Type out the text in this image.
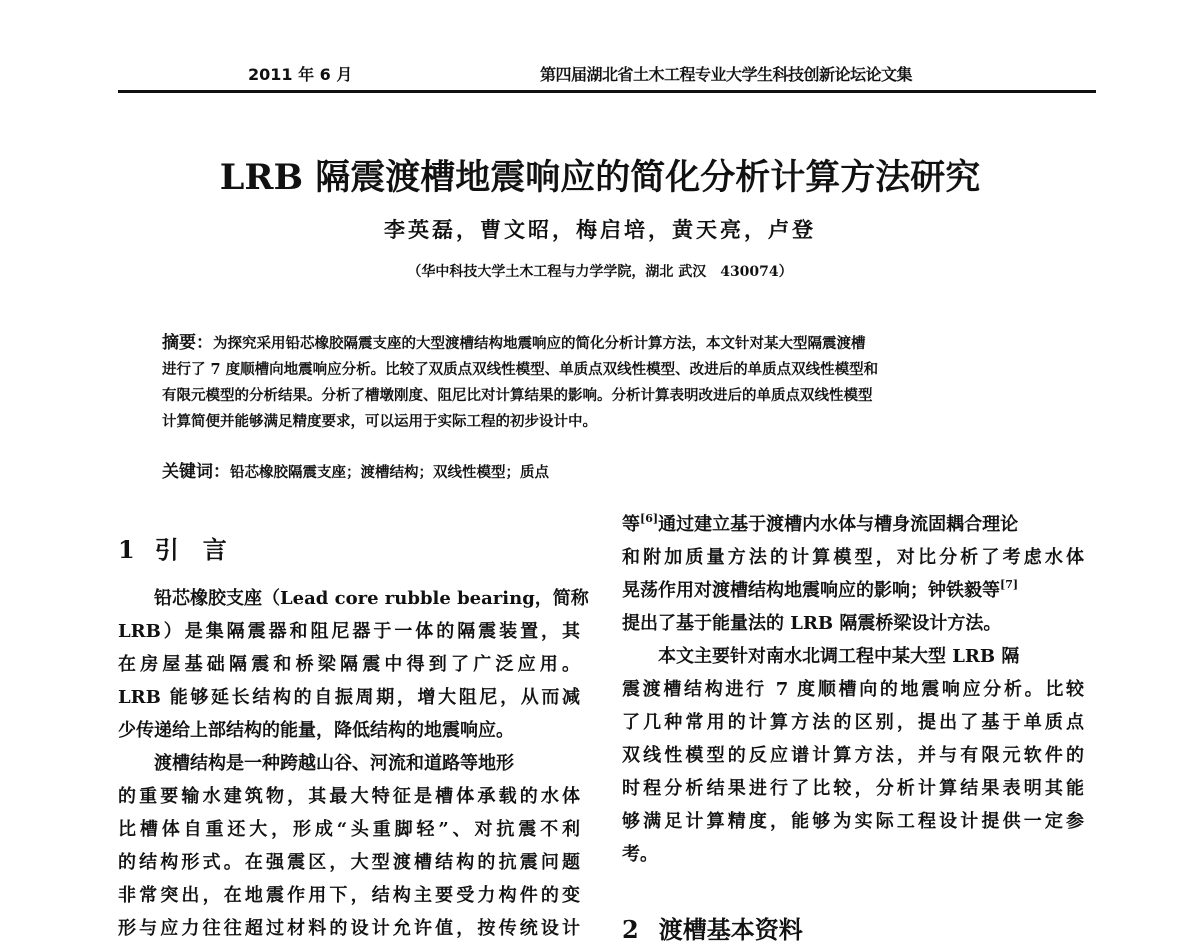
2011 年 6 月	第四届湖北省土木工程专业大学生科技创新论坛论文集
LRB 隔震渡槽地震响应的简化分析计算方法研究
李英磊，曹文昭，梅启培，黄天亮，卢登
（华中科技大学土木工程与力学学院，湖北 武汉　430074）
摘要：为探究采用铅芯橡胶隔震支座的大型渡槽结构地震响应的简化分析计算方法，本文针对某大型隔震渡槽
进行了 7 度顺槽向地震响应分析。比较了双质点双线性模型、单质点双线性模型、改进后的单质点双线性模型和
有限元模型的分析结果。分析了槽墩刚度、阻尼比对计算结果的影响。分析计算表明改进后的单质点双线性模型
计算简便并能够满足精度要求，可以运用于实际工程的初步设计中。
关键词：铅芯橡胶隔震支座；渡槽结构；双线性模型；质点
1 引　言
铅芯橡胶支座（Lead core rubble bearing，简称
LRB）是集隔震器和阻尼器于一体的隔震装置，其
在房屋基础隔震和桥梁隔震中得到了广泛应用。
LRB 能够延长结构的自振周期，增大阻尼，从而减
少传递给上部结构的能量，降低结构的地震响应。
渡槽结构是一种跨越山谷、河流和道路等地形
的重要输水建筑物，其最大特征是槽体承载的水体
比槽体自重还大，形成“头重脚轻”、对抗震不利
的结构形式。在强震区，大型渡槽结构的抗震问题
非常突出，在地震作用下，结构主要受力构件的变
形与应力往往超过材料的设计允许值，按传统设计
等[6]通过建立基于渡槽内水体与槽身流固耦合理论
和附加质量方法的计算模型，对比分析了考虑水体
晃荡作用对渡槽结构地震响应的影响；钟铁毅等[7]
提出了基于能量法的 LRB 隔震桥梁设计方法。
本文主要针对南水北调工程中某大型 LRB 隔
震渡槽结构进行 7 度顺槽向的地震响应分析。比较
了几种常用的计算方法的区别，提出了基于单质点
双线性模型的反应谱计算方法，并与有限元软件的
时程分析结果进行了比较，分析计算结果表明其能
够满足计算精度，能够为实际工程设计提供一定参
考。
2 渡槽基本资料
